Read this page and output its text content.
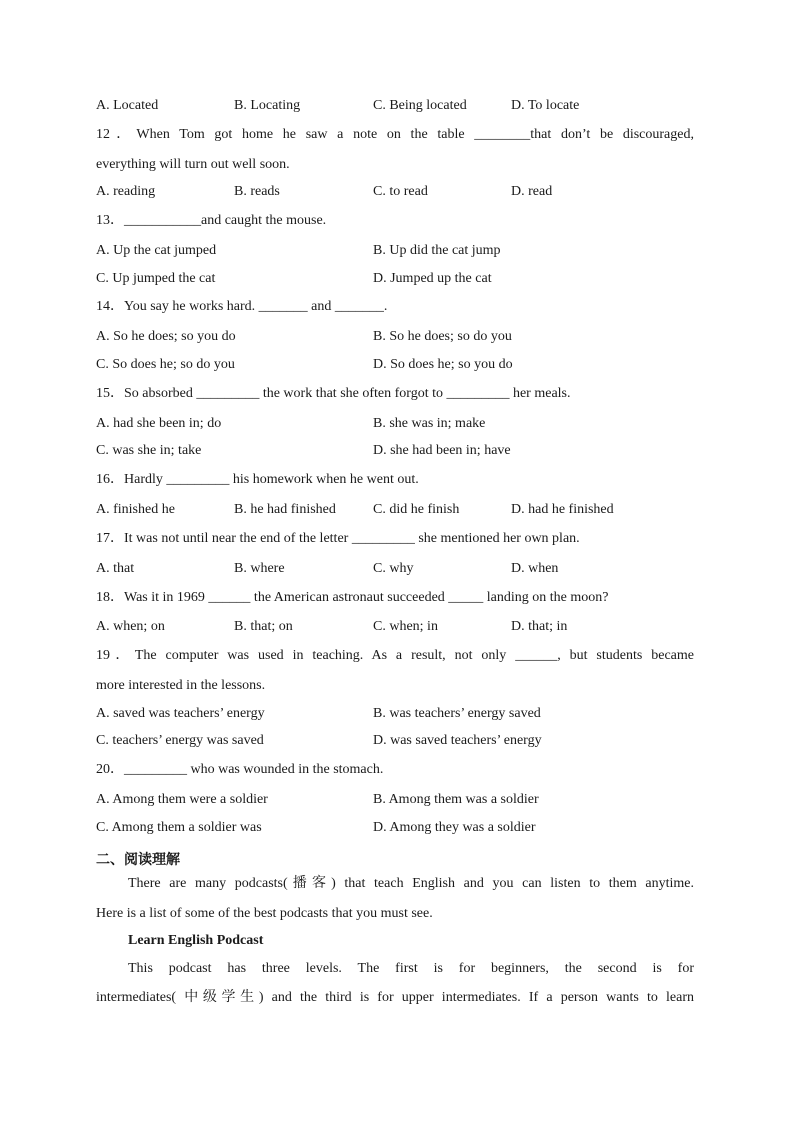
A. Located	B. Locating	C. Being located	D. To locate
12．When Tom got home he saw a note on the table ________that don’t be discouraged,
everything will turn out well soon.
A. reading	B. reads	C. to read	D. read
13．___________and caught the mouse.
A. Up the cat jumped	B. Up did the cat jump
C. Up jumped the cat	D. Jumped up the cat
14．You say he works hard. _______ and _______.
A. So he does; so you do	B. So he does; so do you
C. So does he; so do you	D. So does he; so you do
15．So absorbed _________ the work that she often forgot to _________ her meals.
A. had she been in; do	B. she was in; make
C. was she in; take	D. she had been in; have
16．Hardly _________ his homework when he went out.
A. finished he	B. he had finished	C. did he finish	D. had he finished
17．It was not until near the end of the letter _________ she mentioned her own plan.
A. that	B. where	C. why	D. when
18．Was it in 1969 ______ the American astronaut succeeded _____ landing on the moon?
A. when; on	B. that; on	C. when; in	D. that; in
19．The computer was used in teaching. As a result, not only ______, but students became
more interested in the lessons.
A. saved was teachers’ energy	B. was teachers’ energy saved
C. teachers’ energy was saved	D. was saved teachers’ energy
20．_________ who was wounded in the stomach.
A. Among them were a soldier	B. Among them was a soldier
C. Among them a soldier was	D. Among they was a soldier
二、阅读理解
There are many podcasts(播客) that teach English and you can listen to them anytime.
Here is a list of some of the best podcasts that you must see.
Learn English Podcast
This podcast has three levels. The first is for beginners, the second is for
intermediates( 中级学生) and the third is for upper intermediates. If a person wants to learn
